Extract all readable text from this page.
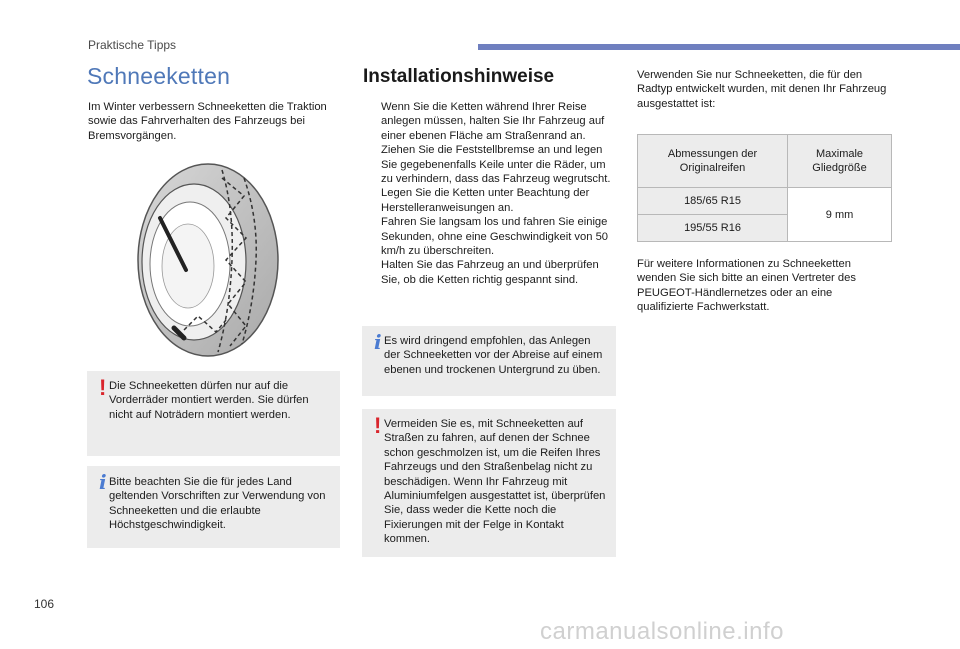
Praktische Tipps
Schneeketten

Im Winter verbessern Schneeketten die Traktion sowie das Fahrverhalten des Fahrzeugs bei Bremsvorgängen.

! Die Schneeketten dürfen nur auf die Vorderräder montiert werden. Sie dürfen nicht auf Noträdern montiert werden.
i Bitte beachten Sie die für jedes Land geltenden Vorschriften zur Verwendung von Schneeketten und die erlaubte Höchstgeschwindigkeit.
Installationshinweise
Wenn Sie die Ketten während Ihrer Reise anlegen müssen, halten Sie Ihr Fahrzeug auf einer ebenen Fläche am Straßenrand an.
Ziehen Sie die Feststellbremse an und legen Sie gegebenenfalls Keile unter die Räder, um zu verhindern, dass das Fahrzeug wegrutscht.
Legen Sie die Ketten unter Beachtung der Herstelleranweisungen an.
Fahren Sie langsam los und fahren Sie einige Sekunden, ohne eine Geschwindigkeit von 50 km/h zu überschreiten.
Halten Sie das Fahrzeug an und überprüfen Sie, ob die Ketten richtig gespannt sind.
i Es wird dringend empfohlen, das Anlegen der Schneeketten vor der Abreise auf einem ebenen und trockenen Untergrund zu üben.
! Vermeiden Sie es, mit Schneeketten auf Straßen zu fahren, auf denen der Schnee schon geschmolzen ist, um die Reifen Ihres Fahrzeugs und den Straßenbelag nicht zu beschädigen. Wenn Ihr Fahrzeug mit Aluminiumfelgen ausgestattet ist, überprüfen Sie, dass weder die Kette noch die Fixierungen mit der Felge in Kontakt kommen.

Verwenden Sie nur Schneeketten, die für den Radtyp entwickelt wurden, mit denen Ihr Fahrzeug ausgestattet ist:

Abmessungen der Originalreifen	Maximale Gliedgröße
185/65 R15	9 mm
195/55 R16	

Für weitere Informationen zu Schneeketten wenden Sie sich bitte an einen Vertreter des PEUGEOT-Händlernetzes oder an eine qualifizierte Fachwerkstatt.

106
carmanualsonline.info
